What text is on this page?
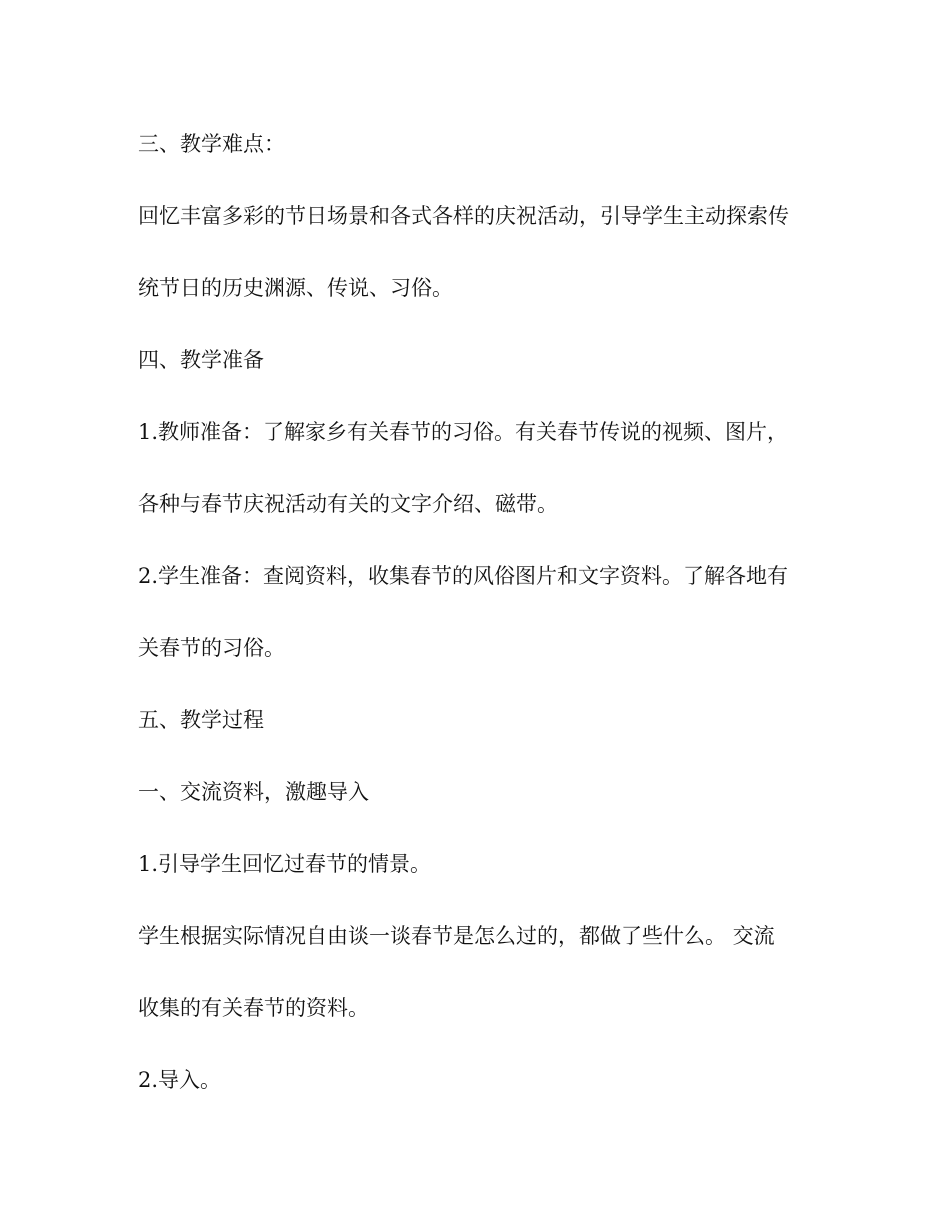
三、教学难点：
回忆丰富多彩的节日场景和各式各样的庆祝活动，引导学生主动探索传
统节日的历史渊源、传说、习俗。
四、教学准备
1.教师准备：了解家乡有关春节的习俗。有关春节传说的视频、图片，
各种与春节庆祝活动有关的文字介绍、磁带。
2.学生准备：查阅资料，收集春节的风俗图片和文字资料。了解各地有
关春节的习俗。
五、教学过程
一、交流资料，激趣导入
1.引导学生回忆过春节的情景。
学生根据实际情况自由谈一谈春节是怎么过的，都做了些什么。 交流
收集的有关春节的资料。
2.导入。
